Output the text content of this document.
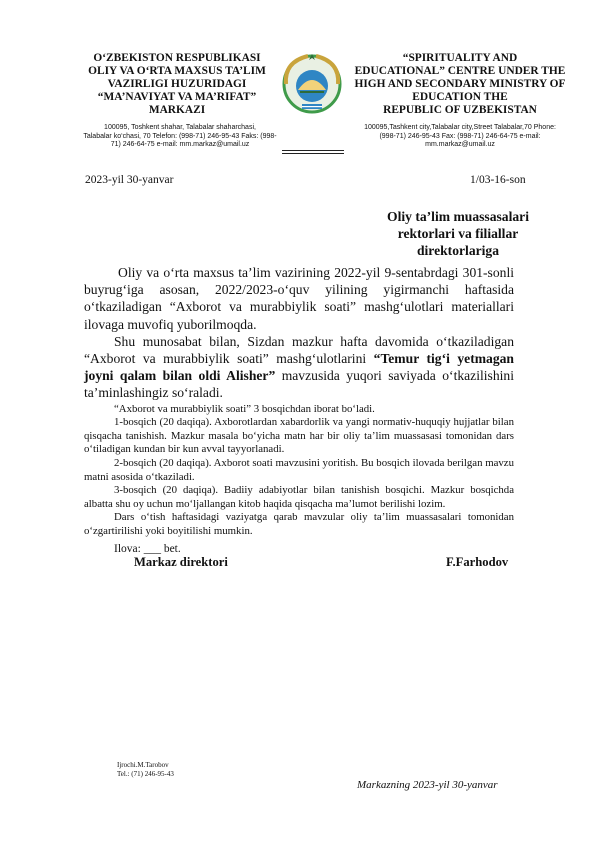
O‘ZBEKISTON RESPUBLIKASI
OLIY VA O‘RTA MAXSUS TA’LIM
VAZIRLIGI HUZURIDAGI
“MA’NAVIYAT VA MA’RIFAT”
MARKAZI
“SPIRITUALITY AND
EDUCATIONAL” CENTRE UNDER THE
HIGH AND SECONDARY MINISTRY OF
EDUCATION THE
REPUBLIC OF UZBEKISTAN
100095, Toshkent shahar, Talabalar shaharchasi,
Talabalar ko‘chasi, 70 Telefon: (998-71) 246-95-43 Faks: (998-
71) 246-64-75 e-mail: mm.markaz@umail.uz
100095,Tashkent city,Talabalar city,Street Talabalar,70 Phone:
(998-71) 246-95-43 Fax: (998-71) 246-64-75 e-mail:
mm.markaz@umail.uz
2023-yil 30-yanvar	1/03-16-son
Oliy ta’lim muassasalari
rektorlari va filiallar
direktorlariga

Oliy va o‘rta maxsus ta’lim vazirining 2022-yil 9-sentabrdagi 301-sonli buyrug‘iga asosan, 2022/2023-o‘quv yilining yigirmanchi haftasida o‘tkaziladigan “Axborot va murabbiylik soati” mashg‘ulotlari materiallari ilovaga muvofiq yuborilmoqda.

Shu munosabat bilan, Sizdan mazkur hafta davomida o‘tkaziladigan “Axborot va murabbiylik soati” mashg‘ulotlarini “Temur tig‘i yetmagan joyni qalam bilan oldi Alisher” mavzusida yuqori saviyada o‘tkazilishini ta’minlashingiz so‘raladi.

“Axborot va murabbiylik soati” 3 bosqichdan iborat bo‘ladi.

1-bosqich (20 daqiqa). Axborotlardan xabardorlik va yangi normativ-huquqiy hujjatlar bilan qisqacha tanishish. Mazkur masala bo‘yicha matn har bir oliy ta’lim muassasasi tomonidan dars o‘tiladigan kundan bir kun avval tayyorlanadi.

2-bosqich (20 daqiqa). Axborot soati mavzusini yoritish. Bu bosqich ilovada berilgan mavzu matni asosida o‘tkaziladi.

3-bosqich (20 daqiqa). Badiiy adabiyotlar bilan tanishish bosqichi. Mazkur bosqichda albatta shu oy uchun mo‘ljallangan kitob haqida qisqacha ma’lumot berilishi lozim.

Dars o‘tish haftasidagi vaziyatga qarab mavzular oliy ta’lim muassasalari tomonidan o‘zgartirilishi yoki boyitilishi mumkin.

Ilova: ___ bet.

Markaz direktori	F.Farhodov
Ijrochi.M.Tarobov
Tel.: (71) 246-95-43
Markazning 2023-yil 30-yanvar
